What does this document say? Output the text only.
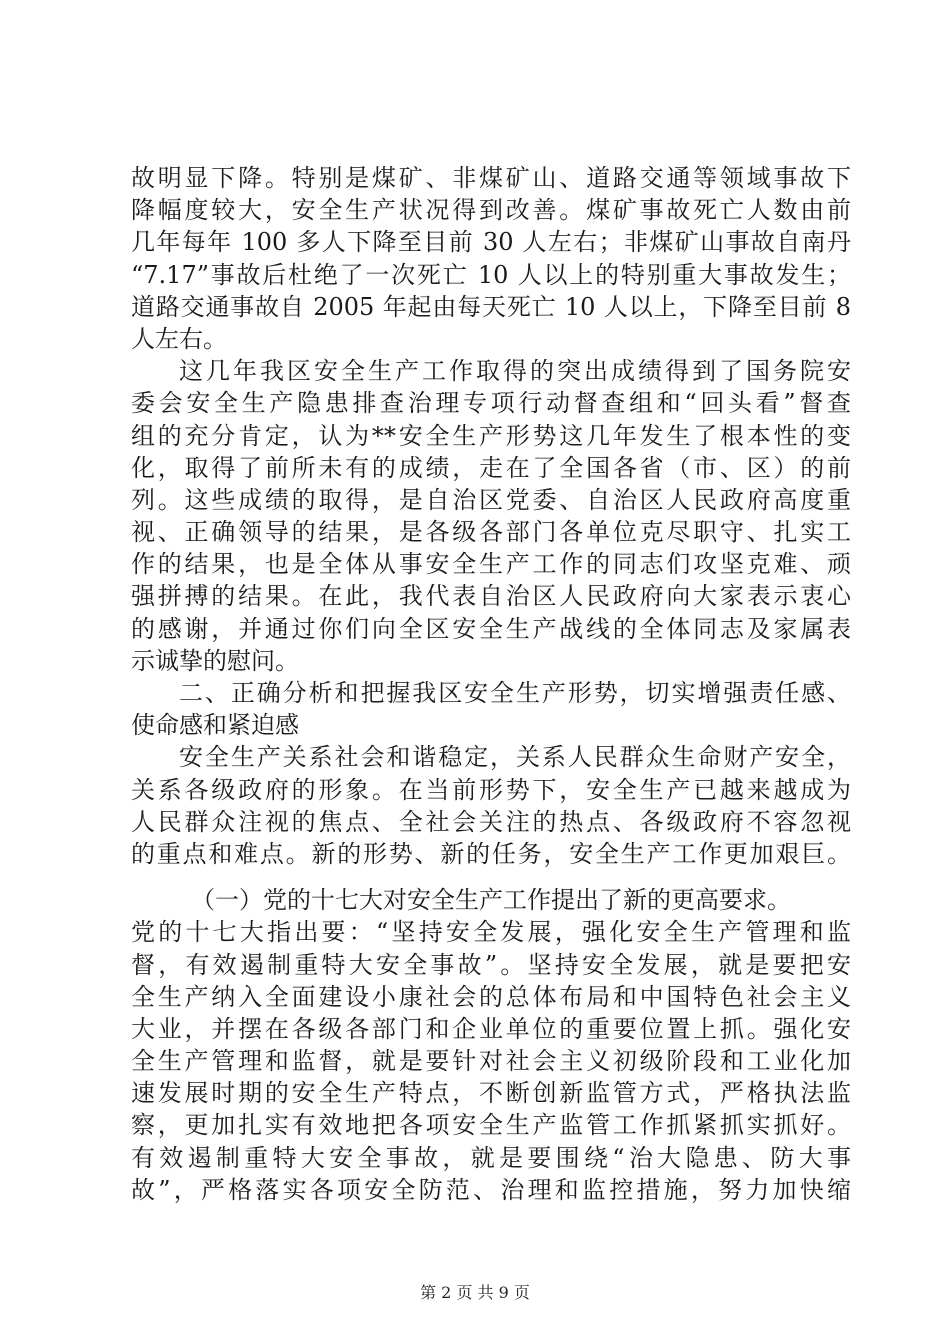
故明显下降。特别是煤矿、非煤矿山、道路交通等领域事故下
降幅度较大，安全生产状况得到改善。煤矿事故死亡人数由前
几年每年 100 多人下降至目前 30 人左右；非煤矿山事故自南丹
“7.17”事故后杜绝了一次死亡 10 人以上的特别重大事故发生；
道路交通事故自 2005 年起由每天死亡 10 人以上，下降至目前 8
人左右。
这几年我区安全生产工作取得的突出成绩得到了国务院安
委会安全生产隐患排查治理专项行动督查组和“回头看”督查
组的充分肯定，认为**安全生产形势这几年发生了根本性的变
化，取得了前所未有的成绩，走在了全国各省（市、区）的前
列。这些成绩的取得，是自治区党委、自治区人民政府高度重
视、正确领导的结果，是各级各部门各单位克尽职守、扎实工
作的结果，也是全体从事安全生产工作的同志们攻坚克难、顽
强拼搏的结果。在此，我代表自治区人民政府向大家表示衷心
的感谢，并通过你们向全区安全生产战线的全体同志及家属表
示诚挚的慰问。
二、正确分析和把握我区安全生产形势，切实增强责任感、
使命感和紧迫感
安全生产关系社会和谐稳定，关系人民群众生命财产安全，
关系各级政府的形象。在当前形势下，安全生产已越来越成为
人民群众注视的焦点、全社会关注的热点、各级政府不容忽视
的重点和难点。新的形势、新的任务，安全生产工作更加艰巨。
（一）党的十七大对安全生产工作提出了新的更高要求。
党的十七大指出要：“坚持安全发展，强化安全生产管理和监
督，有效遏制重特大安全事故”。坚持安全发展，就是要把安
全生产纳入全面建设小康社会的总体布局和中国特色社会主义
大业，并摆在各级各部门和企业单位的重要位置上抓。强化安
全生产管理和监督，就是要针对社会主义初级阶段和工业化加
速发展时期的安全生产特点，不断创新监管方式，严格执法监
察，更加扎实有效地把各项安全生产监管工作抓紧抓实抓好。
有效遏制重特大安全事故，就是要围绕“治大隐患、防大事
故”，严格落实各项安全防范、治理和监控措施，努力加快缩
第 2 页 共 9 页
